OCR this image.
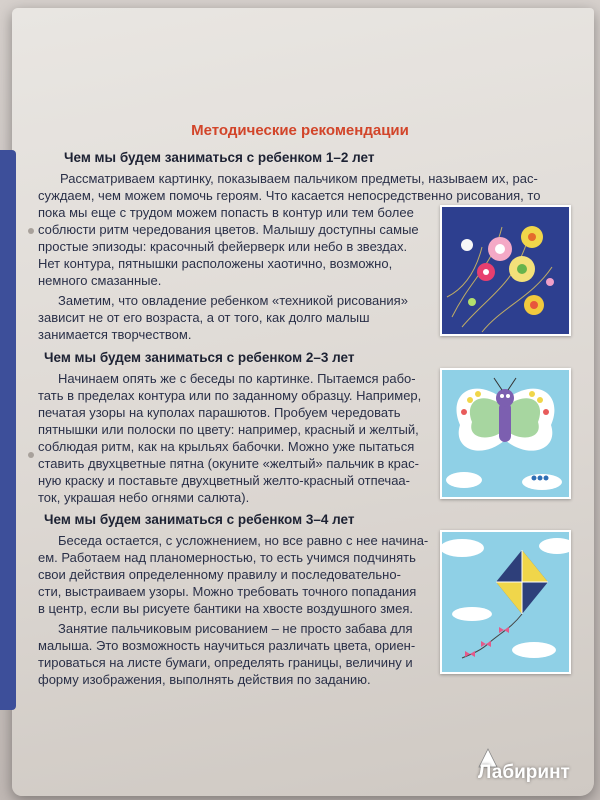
Методические рекомендации
Чем мы будем заниматься с ребенком 1–2 лет
Рассматриваем картинку, показываем пальчиком предметы, называем их, рас-
суждаем, чем можем помочь героям. Что касается непосредственно рисования, то
пока мы еще с трудом можем попасть в контур или тем более
соблюсти ритм чередования цветов. Малышу доступны самые
простые эпизоды: красочный фейерверк или небо в звездах.
Нет контура, пятнышки расположены хаотично, возможно,
немного смазанные.
Заметим, что овладение ребенком «техникой рисования»
зависит не от его возраста, а от того, как долго малыш
занимается творчеством.
Чем мы будем заниматься с ребенком 2–3 лет
Начинаем опять же с беседы по картинке. Пытаемся рабо-
тать в пределах контура или по заданному образцу. Например,
печатая узоры на куполах парашютов. Пробуем чередовать
пятнышки или полоски по цвету: например, красный и желтый,
соблюдая ритм, как на крыльях бабочки. Можно уже пытаться
ставить двухцветные пятна (окуните «желтый» пальчик в крас-
ную краску и поставьте двухцветный желто-красный отпечаа-
ток, украшая небо огнями салюта).
Чем мы будем заниматься с ребенком 3–4 лет
Беседа остается, с усложнением, но все равно с нее начина-
ем. Работаем над планомерностью, то есть учимся подчинять
свои действия определенному правилу и последовательно-
сти, выстраиваем узоры. Можно требовать точного попадания
в центр, если вы рисуете бантики на хвосте воздушного змея.
Занятие пальчиковым рисованием – не просто забава для
малыша. Это возможность научиться различать цвета, ориен-
тироваться на листе бумаги, определять границы, величину и
форму изображения, выполнять действия по заданию.
Лабиринт
